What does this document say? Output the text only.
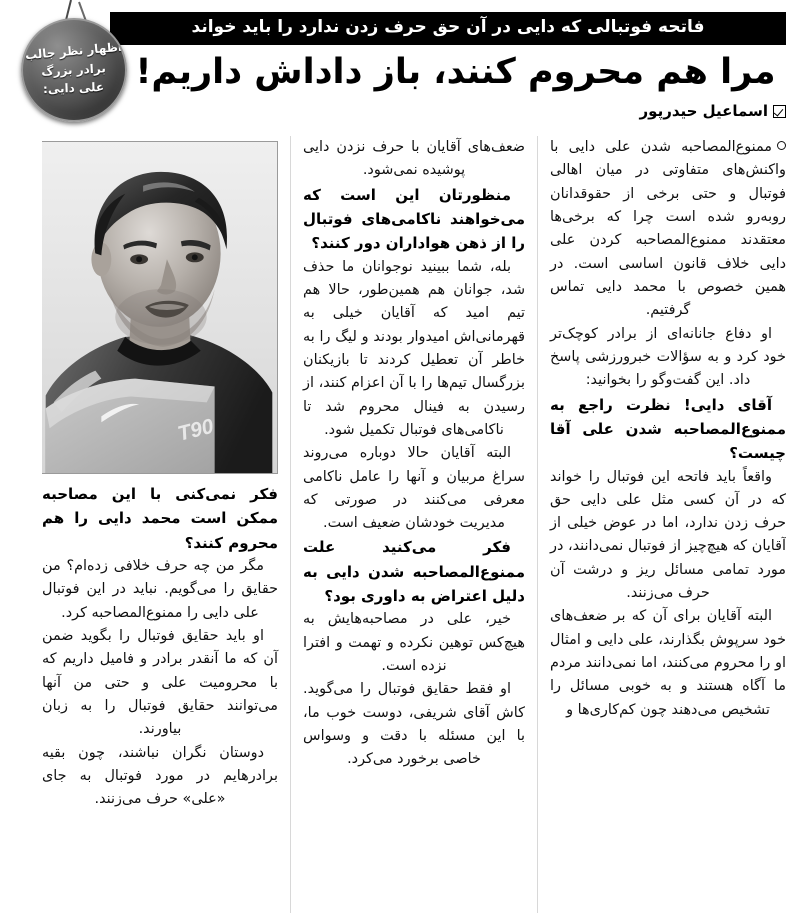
فاتحه فوتبالی که دایی در آن حق حرف زدن ندارد را باید خواند
مرا هم محروم کنند، باز داداش داریم!
اسماعیل حیدرپور
اظهار نظر جالب
برادر بزرگ
علی دایی:

ممنوع‌المصاحبه شدن علی دایی با واکنش‌های متفاوتی در میان اهالی فوتبال و حتی برخی از حقوقدانان روبه‌رو شده است چرا که برخی‌ها معتقدند ممنوع‌المصاحبه کردن علی دایی خلاف قانون اساسی است. در همین خصوص با محمد دایی تماس گرفتیم.

او دفاع جانانه‌ای از برادر کوچک‌تر خود کرد و به سؤالات خبرورزشی پاسخ داد. این گفت‌وگو را بخوانید:

آقای دایی! نظرت راجع به ممنوع‌المصاحبه شدن علی آقا چیست؟

واقعاً باید فاتحه این فوتبال را خواند که در آن کسی مثل علی دایی حق حرف زدن ندارد، اما در عوض خیلی از آقایان که هیچ‌چیز از فوتبال نمی‌دانند، در مورد تمامی مسائل ریز و درشت آن حرف می‌زنند.

البته آقایان برای آن که بر ضعف‌های خود سرپوش بگذارند، علی دایی و امثال او را محروم می‌کنند، اما نمی‌دانند مردم ما آگاه هستند و به خوبی مسائل را تشخیص می‌دهند چون کم‌کاری‌ها و

ضعف‌های آقایان با حرف نزدن دایی پوشیده نمی‌شود.

منظورتان این است که می‌خواهند ناکامی‌های فوتبال را از ذهن هواداران دور کنند؟

بله، شما ببینید نوجوانان ما حذف شد، جوانان هم همین‌طور، حالا هم تیم امید که آقایان خیلی به قهرمانی‌اش امیدوار بودند و لیگ را به خاطر آن تعطیل کردند تا بازیکنان بزرگسال تیم‌ها را با آن اعزام کنند، از رسیدن به فینال محروم شد تا ناکامی‌های فوتبال تکمیل شود.

البته آقایان حالا دوباره می‌روند سراغ مربیان و آنها را عامل ناکامی معرفی می‌کنند در صورتی که مدیریت خودشان ضعیف است.

فکر می‌کنید علت ممنوع‌المصاحبه شدن دایی به دلیل اعتراض به داوری بود؟

خیر، علی در مصاحبه‌هایش به هیچ‌کس توهین نکرده و تهمت و افترا نزده است.

او فقط حقایق فوتبال را می‌گوید. کاش آقای شریفی، دوست خوب ما، با این مسئله با دقت و وسواس خاصی برخورد می‌کرد.

T90

فکر نمی‌کنی با این مصاحبه ممکن است محمد دایی را هم محروم کنند؟

مگر من چه حرف خلافی زده‌ام؟ من حقایق را می‌گویم. نباید در این فوتبال علی دایی را ممنوع‌المصاحبه کرد.

او باید حقایق فوتبال را بگوید ضمن آن که ما آنقدر برادر و فامیل داریم که با محرومیت علی و حتی من آنها می‌توانند حقایق فوتبال را به زبان بیاورند.

دوستان نگران نباشند، چون بقیه برادرهایم در مورد فوتبال به جای «علی» حرف می‌زنند.
